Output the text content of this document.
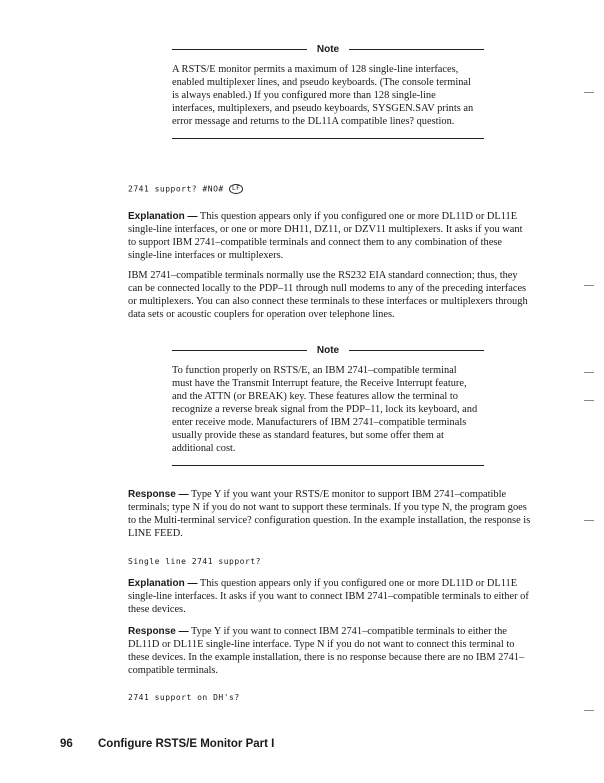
Note
A RSTS/E monitor permits a maximum of 128 single-line interfaces, enabled multiplexer lines, and pseudo keyboards. (The console terminal is always enabled.) If you configured more than 128 single-line interfaces, multiplexers, and pseudo keyboards, SYSGEN.SAV prints an error message and returns to the DL11A compatible lines? question.
2741 support? #NO# LF
Explanation — This question appears only if you configured one or more DL11D or DL11E single-line interfaces, or one or more DH11, DZ11, or DZV11 multiplexers. It asks if you want to support IBM 2741–compatible terminals and connect them to any combination of these single-line interfaces or multiplexers.
IBM 2741–compatible terminals normally use the RS232 EIA standard connection; thus, they can be connected locally to the PDP–11 through null modems to any of the preceding interfaces or multiplexers. You can also connect these terminals to these interfaces or multiplexers through data sets or acoustic couplers for operation over telephone lines.
Note
To function properly on RSTS/E, an IBM 2741–compatible terminal must have the Transmit Interrupt feature, the Receive Interrupt feature, and the ATTN (or BREAK) key. These features allow the terminal to recognize a reverse break signal from the PDP–11, lock its keyboard, and enter receive mode. Manufacturers of IBM 2741–compatible terminals usually provide these as standard features, but some offer them at additional cost.
Response — Type Y if you want your RSTS/E monitor to support IBM 2741–compatible terminals; type N if you do not want to support these terminals. If you type N, the program goes to the Multi-terminal service? configuration question. In the example installation, the response is LINE FEED.
Single line 2741 support?
Explanation — This question appears only if you configured one or more DL11D or DL11E single-line interfaces. It asks if you want to connect IBM 2741–compatible terminals to either of these devices.
Response — Type Y if you want to connect IBM 2741–compatible terminals to either the DL11D or DL11E single-line interface. Type N if you do not want to connect this terminal to these devices. In the example installation, there is no response because there are no IBM 2741–compatible terminals.
2741 support on DH's?
96 Configure RSTS/E Monitor Part I
